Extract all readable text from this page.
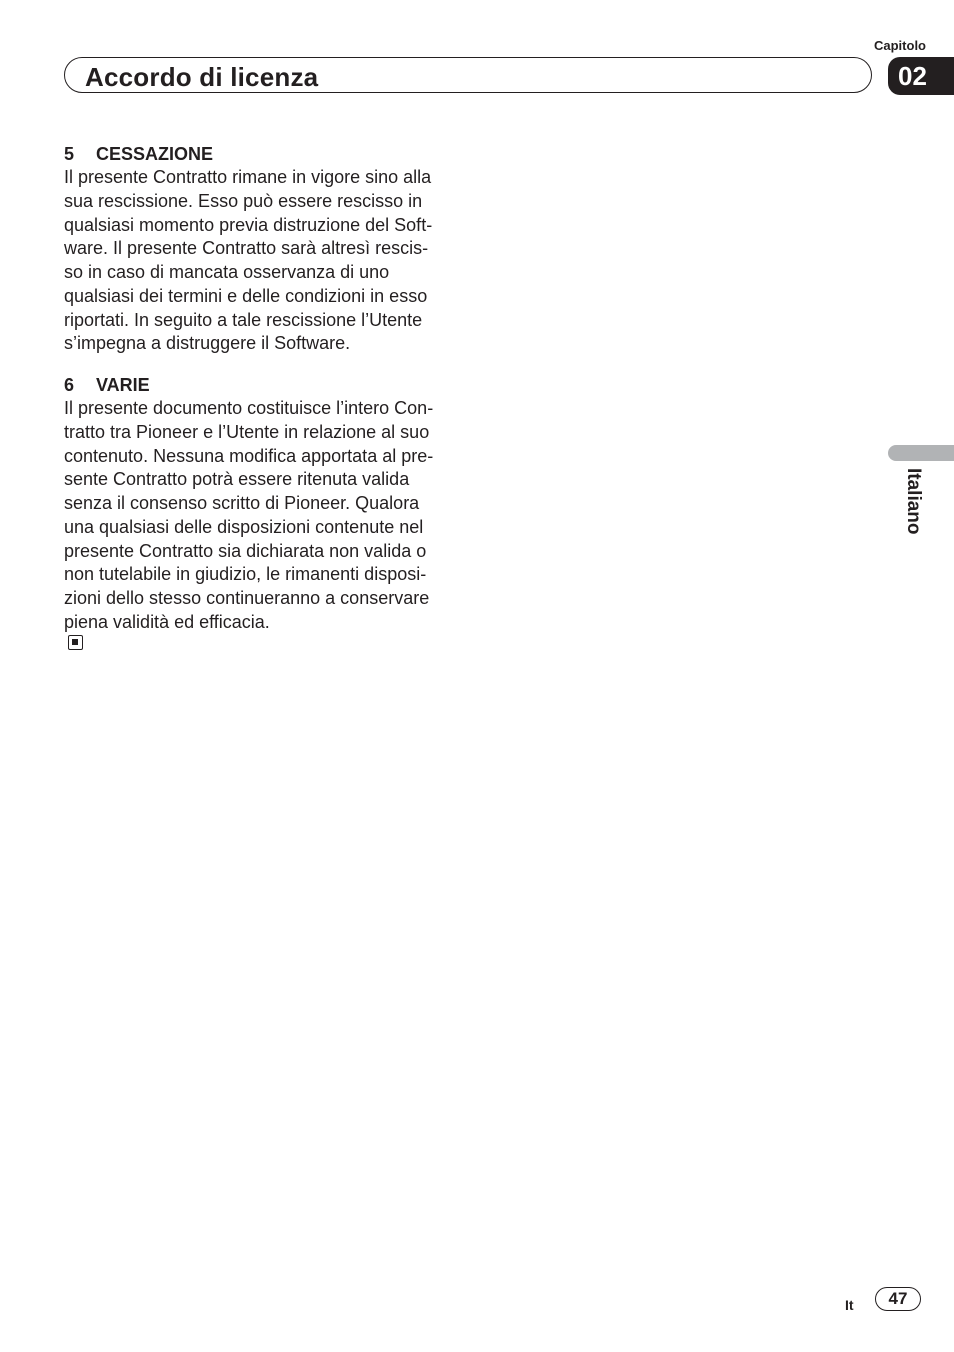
Capitolo
Accordo di licenza	02
5 CESSAZIONE
Il presente Contratto rimane in vigore sino alla
sua rescissione. Esso può essere rescisso in
qualsiasi momento previa distruzione del Soft-
ware. Il presente Contratto sarà altresì rescis-
so in caso di mancata osservanza di uno
qualsiasi dei termini e delle condizioni in esso
riportati. In seguito a tale rescissione l’Utente
s’impegna a distruggere il Software.
6 VARIE
Il presente documento costituisce l’intero Con-
tratto tra Pioneer e l’Utente in relazione al suo
contenuto. Nessuna modifica apportata al pre-
sente Contratto potrà essere ritenuta valida
senza il consenso scritto di Pioneer. Qualora
una qualsiasi delle disposizioni contenute nel
presente Contratto sia dichiarata non valida o
non tutelabile in giudizio, le rimanenti disposi-
zioni dello stesso continueranno a conservare
piena validità ed efficacia.
Italiano
It	47
